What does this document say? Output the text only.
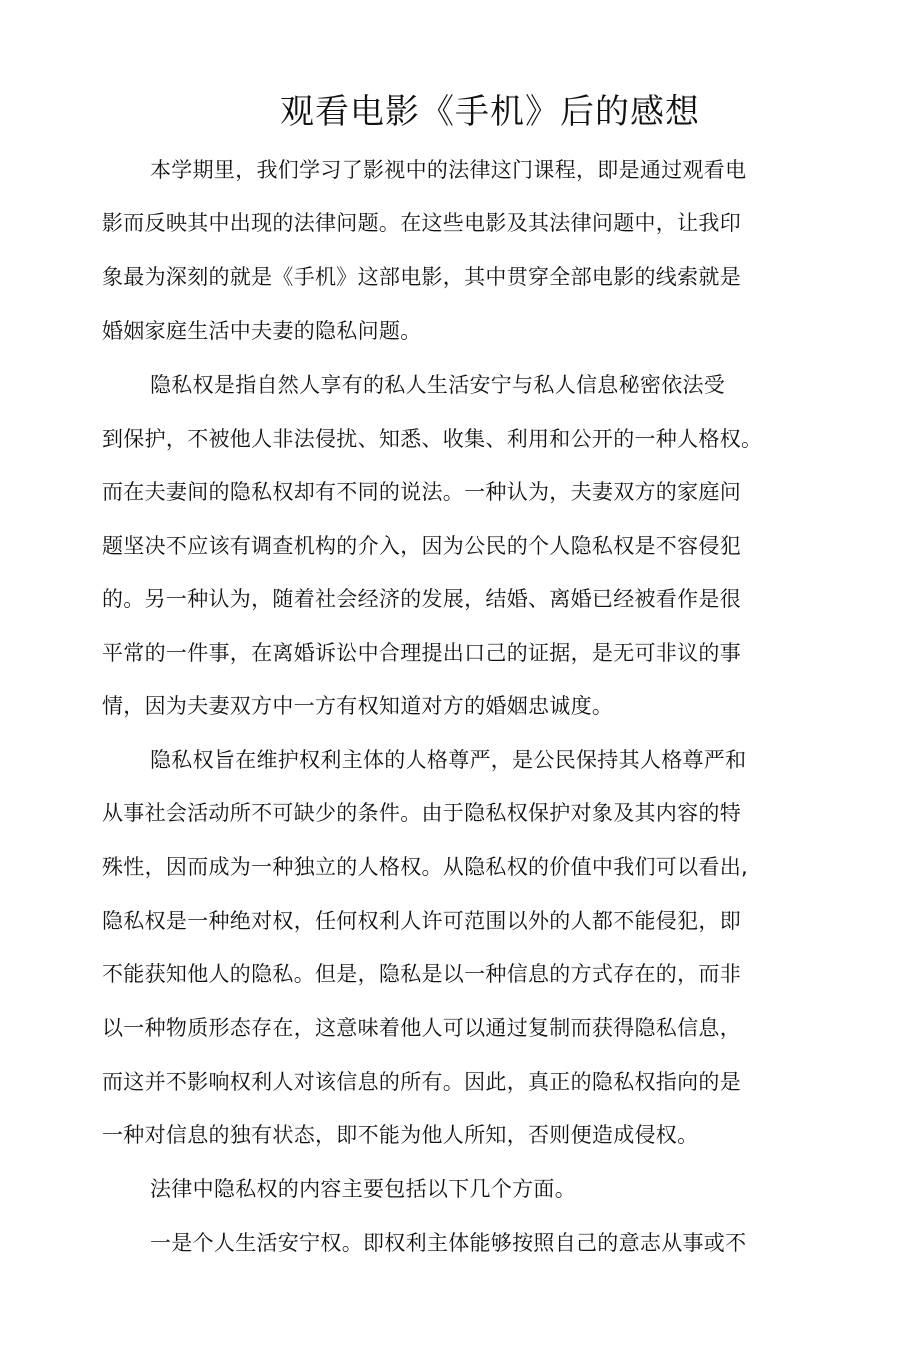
观看电影《手机》后的感想
本学期里，我们学习了影视中的法律这门课程，即是通过观看电
影而反映其中出现的法律问题。在这些电影及其法律问题中，让我印
象最为深刻的就是《手机》这部电影，其中贯穿全部电影的线索就是
婚姻家庭生活中夫妻的隐私问题。
隐私权是指自然人享有的私人生活安宁与私人信息秘密依法受
到保护，不被他人非法侵扰、知悉、收集、利用和公开的一种人格权。
而在夫妻间的隐私权却有不同的说法。一种认为，夫妻双方的家庭问
题坚决不应该有调查机构的介入，因为公民的个人隐私权是不容侵犯
的。另一种认为，随着社会经济的发展，结婚、离婚已经被看作是很
平常的一件事，在离婚诉讼中合理提出口己的证据，是无可非议的事
情，因为夫妻双方中一方有权知道对方的婚姻忠诚度。
隐私权旨在维护权利主体的人格尊严，是公民保持其人格尊严和
从事社会活动所不可缺少的条件。由于隐私权保护对象及其内容的特
殊性，因而成为一种独立的人格权。从隐私权的价值中我们可以看出,
隐私权是一种绝对权，任何权利人许可范围以外的人都不能侵犯，即
不能获知他人的隐私。但是，隐私是以一种信息的方式存在的，而非
以一种物质形态存在，这意味着他人可以通过复制而获得隐私信息，
而这并不影响权利人对该信息的所有。因此，真正的隐私权指向的是
一种对信息的独有状态，即不能为他人所知，否则便造成侵权。
法律中隐私权的内容主要包括以下几个方面。
一是个人生活安宁权。即权利主体能够按照自己的意志从事或不
